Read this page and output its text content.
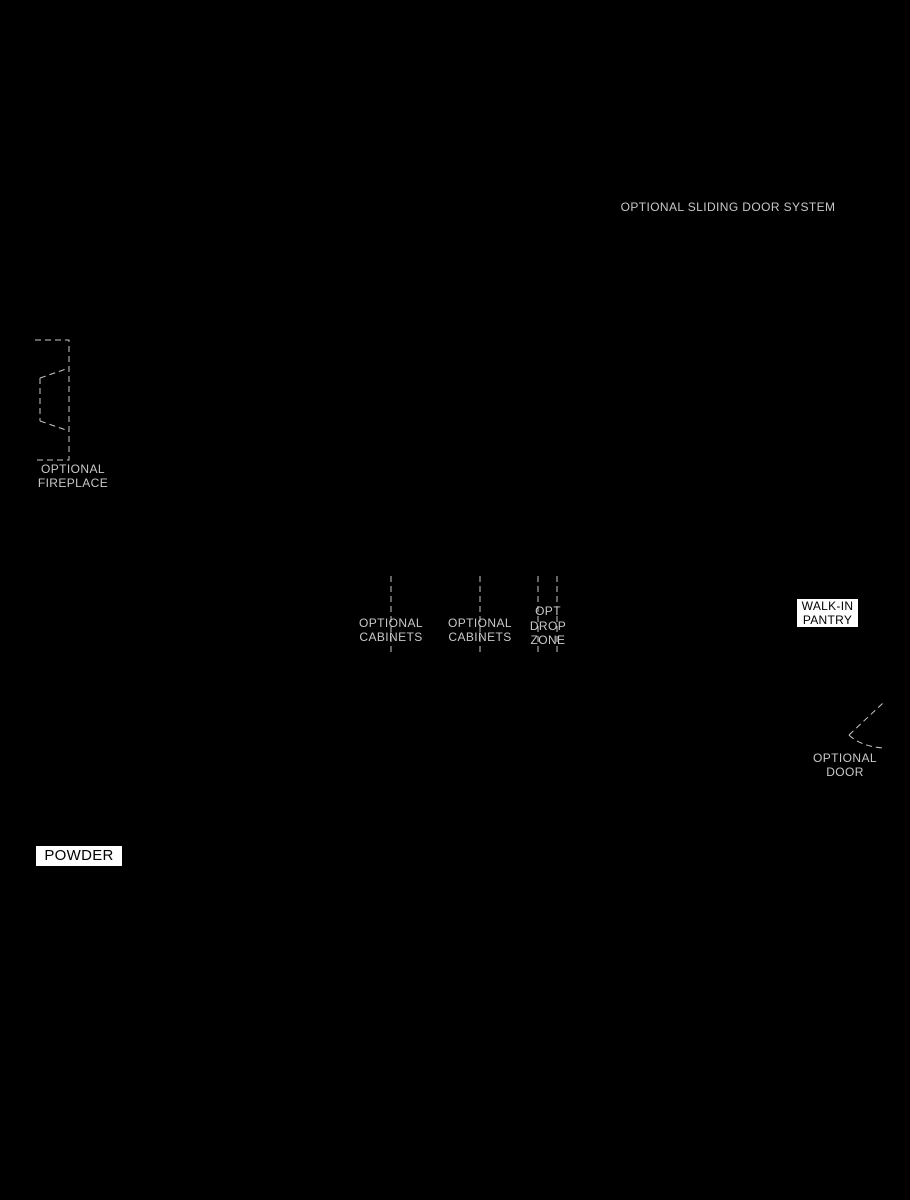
OPTIONAL SLIDING DOOR SYSTEM
OPTIONAL
FIREPLACE
OPTIONAL
CABINETS
OPTIONAL
CABINETS
OPT
DROP
ZONE
WALK-IN
PANTRY
OPTIONAL
DOOR
POWDER
